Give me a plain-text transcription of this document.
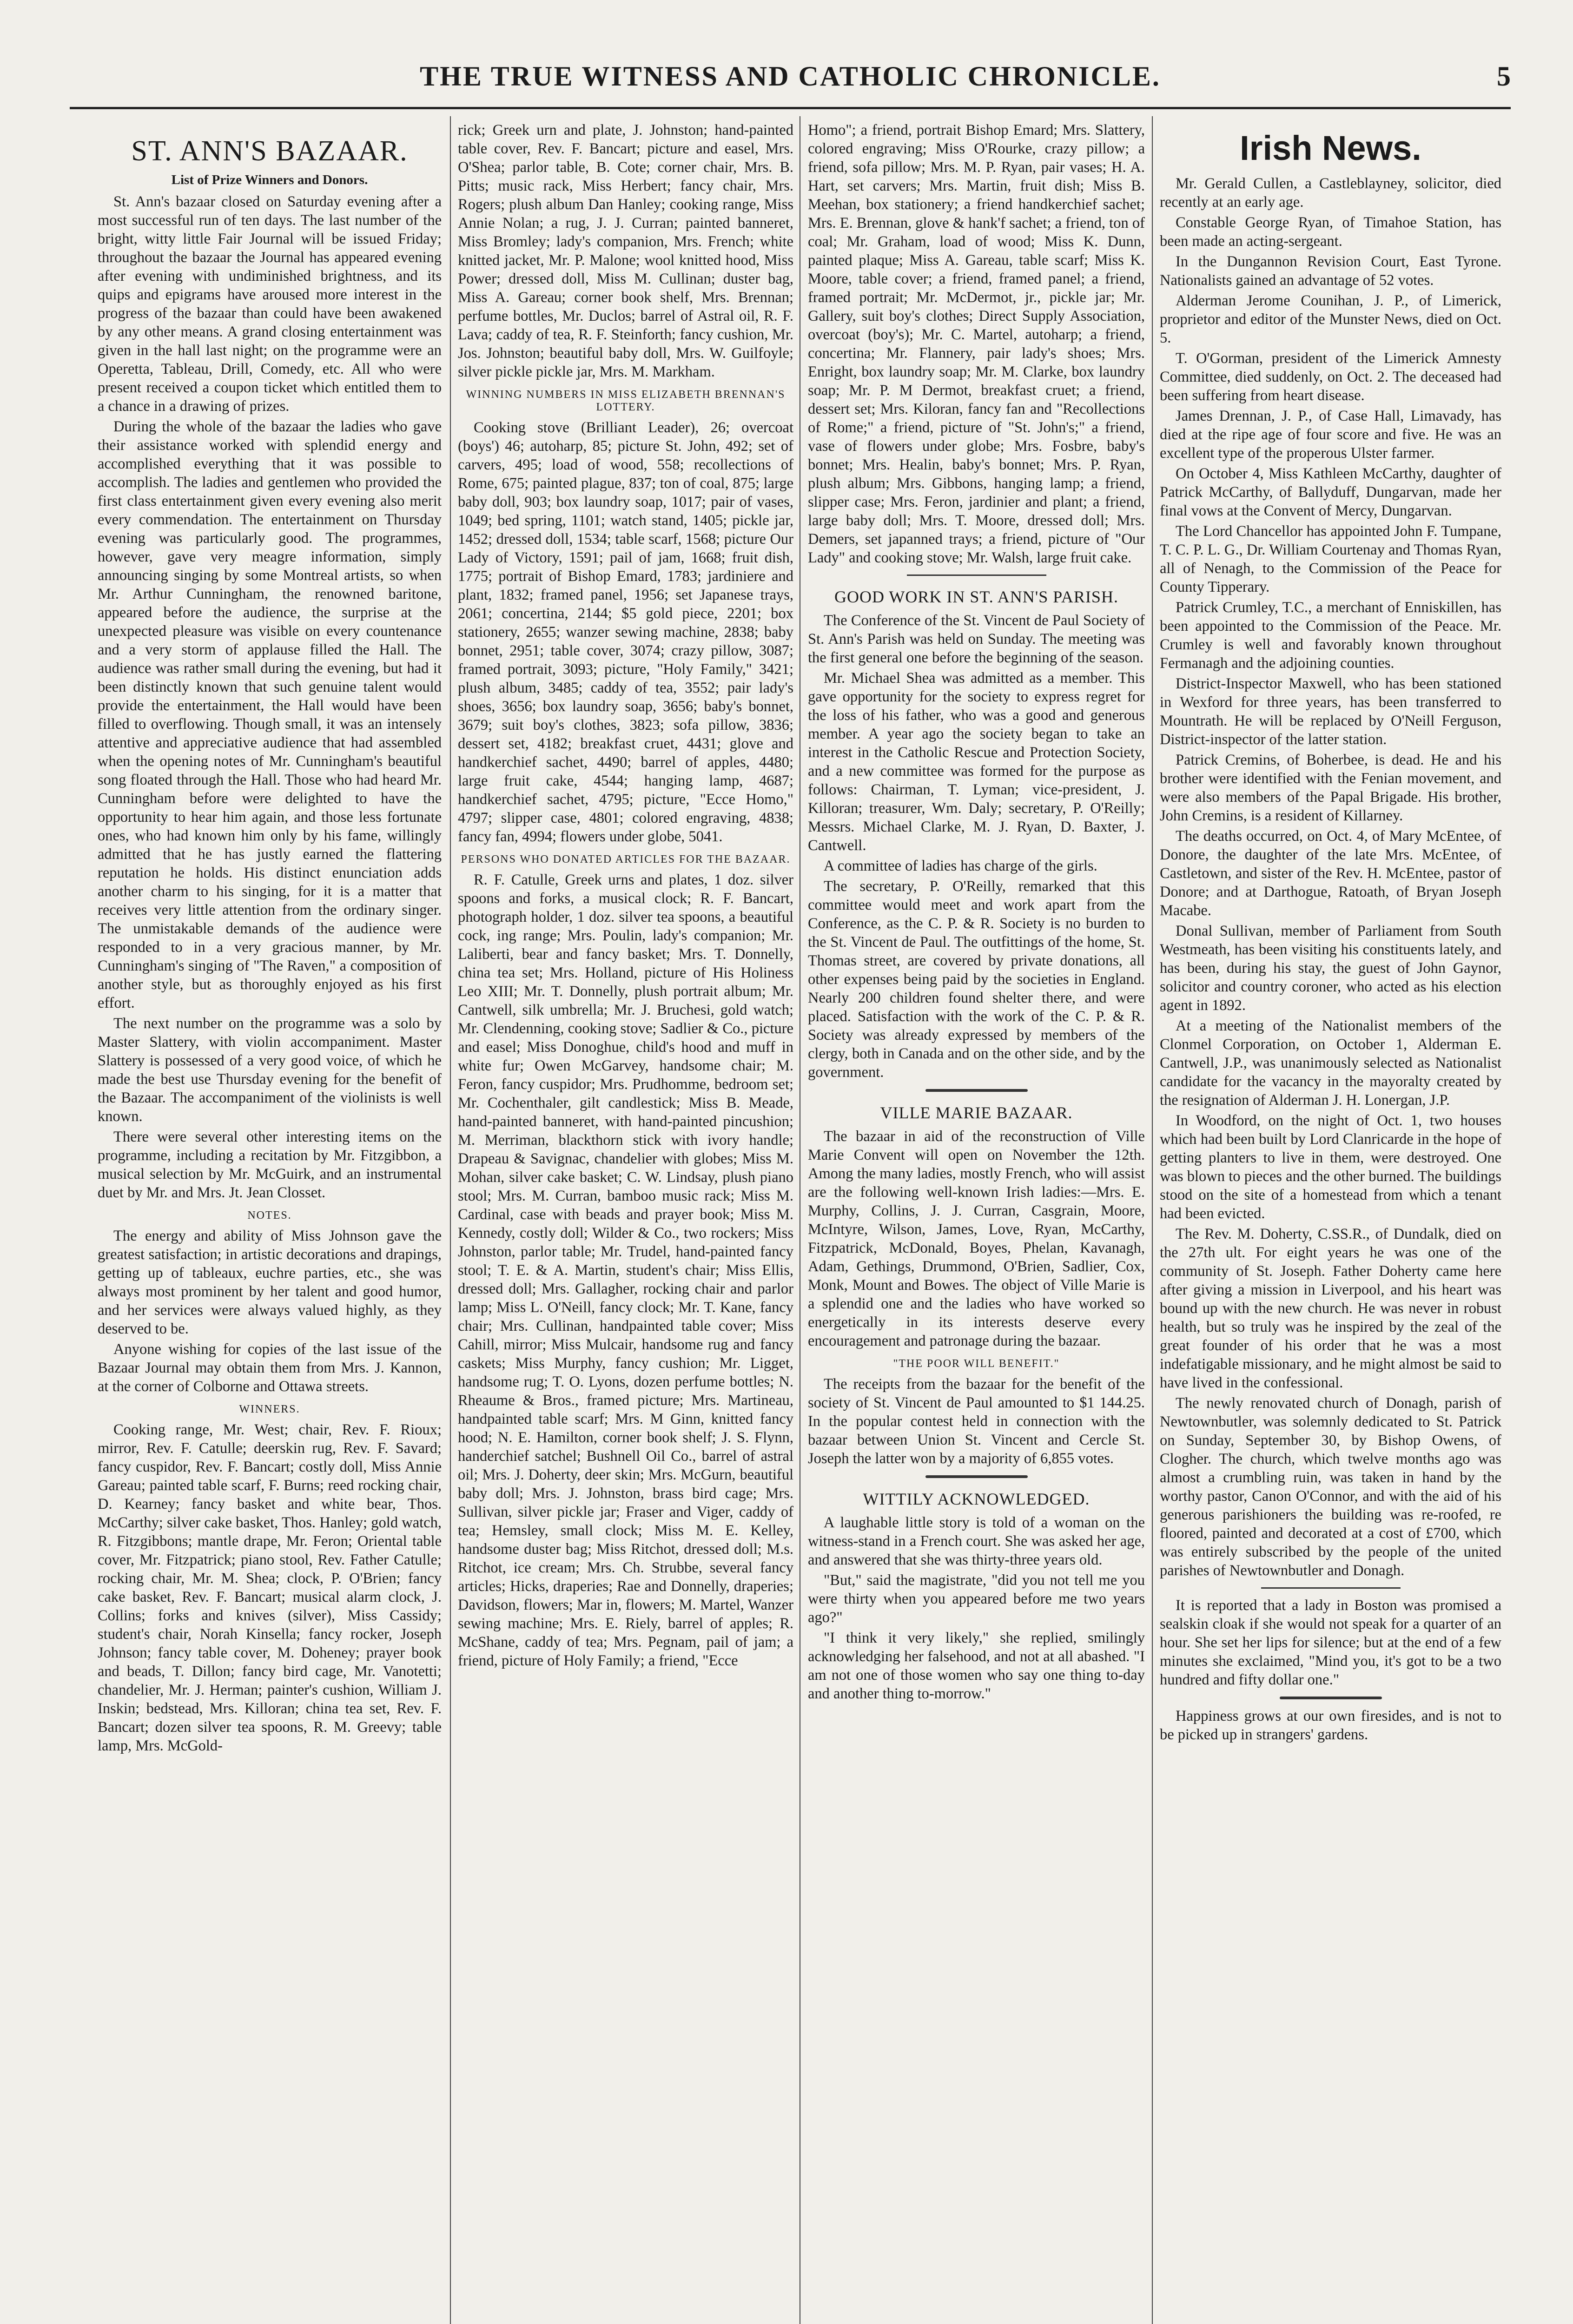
THE TRUE WITNESS AND CATHOLIC CHRONICLE.	5
ST. ANN'S BAZAAR.
List of Prize Winners and Donors.

St. Ann's bazaar closed on Saturday evening after a most successful run of ten days. The last number of the bright, witty little Fair Journal will be issued Friday; throughout the bazaar the Journal has appeared evening after evening with undiminished brightness, and its quips and epigrams have aroused more interest in the progress of the bazaar than could have been awakened by any other means. A grand closing entertainment was given in the hall last night; on the programme were an Operetta, Tableau, Drill, Comedy, etc. All who were present received a coupon ticket which entitled them to a chance in a drawing of prizes.

During the whole of the bazaar the ladies who gave their assistance worked with splendid energy and accomplished everything that it was possible to accomplish. The ladies and gentlemen who provided the first class entertainment given every evening also merit every commendation. The entertainment on Thursday evening was particularly good. The programmes, however, gave very meagre information, simply announcing singing by some Montreal artists, so when Mr. Arthur Cunningham, the renowned baritone, appeared before the audience, the surprise at the unexpected pleasure was visible on every countenance and a very storm of applause filled the Hall. The audience was rather small during the evening, but had it been distinctly known that such genuine talent would provide the entertainment, the Hall would have been filled to overflowing. Though small, it was an intensely attentive and appreciative audience that had assembled when the opening notes of Mr. Cunningham's beautiful song floated through the Hall. Those who had heard Mr. Cunningham before were delighted to have the opportunity to hear him again, and those less fortunate ones, who had known him only by his fame, willingly admitted that he has justly earned the flattering reputation he holds. His distinct enunciation adds another charm to his singing, for it is a matter that receives very little attention from the ordinary singer. The unmistakable demands of the audience were responded to in a very gracious manner, by Mr. Cunningham's singing of "The Raven," a composition of another style, but as thoroughly enjoyed as his first effort.

The next number on the programme was a solo by Master Slattery, with violin accompaniment. Master Slattery is possessed of a very good voice, of which he made the best use Thursday evening for the benefit of the Bazaar. The accompaniment of the violinists is well known.

There were several other interesting items on the programme, including a recitation by Mr. Fitzgibbon, a musical selection by Mr. McGuirk, and an instrumental duet by Mr. and Mrs. Jt. Jean Closset.

NOTES.

The energy and ability of Miss Johnson gave the greatest satisfaction; in artistic decorations and drapings, getting up of tableaux, euchre parties, etc., she was always most prominent by her talent and good humor, and her services were always valued highly, as they deserved to be.

Anyone wishing for copies of the last issue of the Bazaar Journal may obtain them from Mrs. J. Kannon, at the corner of Colborne and Ottawa streets.

WINNERS.

Cooking range, Mr. West; chair, Rev. F. Rioux; mirror, Rev. F. Catulle; deerskin rug, Rev. F. Savard; fancy cuspidor, Rev. F. Bancart; costly doll, Miss Annie Gareau; painted table scarf, F. Burns; reed rocking chair, D. Kearney; fancy basket and white bear, Thos. McCarthy; silver cake basket, Thos. Hanley; gold watch, R. Fitzgibbons; mantle drape, Mr. Feron; Oriental table cover, Mr. Fitzpatrick; piano stool, Rev. Father Catulle; rocking chair, Mr. M. Shea; clock, P. O'Brien; fancy cake basket, Rev. F. Bancart; musical alarm clock, J. Collins; forks and knives (silver), Miss Cassidy; student's chair, Norah Kinsella; fancy rocker, Joseph Johnson; fancy table cover, M. Doheney; prayer book and beads, T. Dillon; fancy bird cage, Mr. Vanotetti; chandelier, Mr. J. Herman; painter's cushion, William J. Inskin; bedstead, Mrs. Killoran; china tea set, Rev. F. Bancart; dozen silver tea spoons, R. M. Greevy; table lamp, Mrs. McGold-

rick; Greek urn and plate, J. Johnston; hand-painted table cover, Rev. F. Bancart; picture and easel, Mrs. O'Shea; parlor table, B. Cote; corner chair, Mrs. B. Pitts; music rack, Miss Herbert; fancy chair, Mrs. Rogers; plush album Dan Hanley; cooking range, Miss Annie Nolan; a rug, J. J. Curran; painted banneret, Miss Bromley; lady's companion, Mrs. French; white knitted jacket, Mr. P. Malone; wool knitted hood, Miss Power; dressed doll, Miss M. Cullinan; duster bag, Miss A. Gareau; corner book shelf, Mrs. Brennan; perfume bottles, Mr. Duclos; barrel of Astral oil, R. F. Lava; caddy of tea, R. F. Steinforth; fancy cushion, Mr. Jos. Johnston; beautiful baby doll, Mrs. W. Guilfoyle; silver pickle pickle jar, Mrs. M. Markham.

WINNING NUMBERS IN MISS ELIZABETH BRENNAN'S LOTTERY.

Cooking stove (Brilliant Leader), 26; overcoat (boys') 46; autoharp, 85; picture St. John, 492; set of carvers, 495; load of wood, 558; recollections of Rome, 675; painted plague, 837; ton of coal, 875; large baby doll, 903; box laundry soap, 1017; pair of vases, 1049; bed spring, 1101; watch stand, 1405; pickle jar, 1452; dressed doll, 1534; table scarf, 1568; picture Our Lady of Victory, 1591; pail of jam, 1668; fruit dish, 1775; portrait of Bishop Emard, 1783; jardiniere and plant, 1832; framed panel, 1956; set Japanese trays, 2061; concertina, 2144; $5 gold piece, 2201; box stationery, 2655; wanzer sewing machine, 2838; baby bonnet, 2951; table cover, 3074; crazy pillow, 3087; framed portrait, 3093; picture, "Holy Family," 3421; plush album, 3485; caddy of tea, 3552; pair lady's shoes, 3656; box laundry soap, 3656; baby's bonnet, 3679; suit boy's clothes, 3823; sofa pillow, 3836; dessert set, 4182; breakfast cruet, 4431; glove and handkerchief sachet, 4490; barrel of apples, 4480; large fruit cake, 4544; hanging lamp, 4687; handkerchief sachet, 4795; picture, "Ecce Homo," 4797; slipper case, 4801; colored engraving, 4838; fancy fan, 4994; flowers under globe, 5041.

PERSONS WHO DONATED ARTICLES FOR THE BAZAAR.

R. F. Catulle, Greek urns and plates, 1 doz. silver spoons and forks, a musical clock; R. F. Bancart, photograph holder, 1 doz. silver tea spoons, a beautiful cock, ing range; Mrs. Poulin, lady's companion; Mr. Laliberti, bear and fancy basket; Mrs. T. Donnelly, china tea set; Mrs. Holland, picture of His Holiness Leo XIII; Mr. T. Donnelly, plush portrait album; Mr. Cantwell, silk umbrella; Mr. J. Bruchesi, gold watch; Mr. Clendenning, cooking stove; Sadlier & Co., picture and easel; Miss Donoghue, child's hood and muff in white fur; Owen McGarvey, handsome chair; M. Feron, fancy cuspidor; Mrs. Prudhomme, bedroom set; Mr. Cochenthaler, gilt candlestick; Miss B. Meade, hand-painted banneret, with hand-painted pincushion; M. Merriman, blackthorn stick with ivory handle; Drapeau & Savignac, chandelier with globes; Miss M. Mohan, silver cake basket; C. W. Lindsay, plush piano stool; Mrs. M. Curran, bamboo music rack; Miss M. Cardinal, case with beads and prayer book; Miss M. Kennedy, costly doll; Wilder & Co., two rockers; Miss Johnston, parlor table; Mr. Trudel, hand-painted fancy stool; T. E. & A. Martin, student's chair; Miss Ellis, dressed doll; Mrs. Gallagher, rocking chair and parlor lamp; Miss L. O'Neill, fancy clock; Mr. T. Kane, fancy chair; Mrs. Cullinan, handpainted table cover; Miss Cahill, mirror; Miss Mulcair, handsome rug and fancy caskets; Miss Murphy, fancy cushion; Mr. Ligget, handsome rug; T. O. Lyons, dozen perfume bottles; N. Rheaume & Bros., framed picture; Mrs. Martineau, handpainted table scarf; Mrs. M Ginn, knitted fancy hood; N. E. Hamilton, corner book shelf; J. S. Flynn, handerchief satchel; Bushnell Oil Co., barrel of astral oil; Mrs. J. Doherty, deer skin; Mrs. McGurn, beautiful baby doll; Mrs. J. Johnston, brass bird cage; Mrs. Sullivan, silver pickle jar; Fraser and Viger, caddy of tea; Hemsley, small clock; Miss M. E. Kelley, handsome duster bag; Miss Ritchot, dressed doll; M.s. Ritchot, ice cream; Mrs. Ch. Strubbe, several fancy articles; Hicks, draperies; Rae and Donnelly, draperies; Davidson, flowers; Mar in, flowers; M. Martel, Wanzer sewing machine; Mrs. E. Riely, barrel of apples; R. McShane, caddy of tea; Mrs. Pegnam, pail of jam; a friend, picture of Holy Family; a friend, "Ecce

Homo"; a friend, portrait Bishop Emard; Mrs. Slattery, colored engraving; Miss O'Rourke, crazy pillow; a friend, sofa pillow; Mrs. M. P. Ryan, pair vases; H. A. Hart, set carvers; Mrs. Martin, fruit dish; Miss B. Meehan, box stationery; a friend handkerchief sachet; Mrs. E. Brennan, glove & hank'f sachet; a friend, ton of coal; Mr. Graham, load of wood; Miss K. Dunn, painted plaque; Miss A. Gareau, table scarf; Miss K. Moore, table cover; a friend, framed panel; a friend, framed portrait; Mr. McDermot, jr., pickle jar; Mr. Gallery, suit boy's clothes; Direct Supply Association, overcoat (boy's); Mr. C. Martel, autoharp; a friend, concertina; Mr. Flannery, pair lady's shoes; Mrs. Enright, box laundry soap; Mr. M. Clarke, box laundry soap; Mr. P. M Dermot, breakfast cruet; a friend, dessert set; Mrs. Kiloran, fancy fan and "Recollections of Rome;" a friend, picture of "St. John's;" a friend, vase of flowers under globe; Mrs. Fosbre, baby's bonnet; Mrs. Healin, baby's bonnet; Mrs. P. Ryan, plush album; Mrs. Gibbons, hanging lamp; a friend, slipper case; Mrs. Feron, jardinier and plant; a friend, large baby doll; Mrs. T. Moore, dressed doll; Mrs. Demers, set japanned trays; a friend, picture of "Our Lady" and cooking stove; Mr. Walsh, large fruit cake.

GOOD WORK IN ST. ANN'S PARISH.

The Conference of the St. Vincent de Paul Society of St. Ann's Parish was held on Sunday. The meeting was the first general one before the beginning of the season.

Mr. Michael Shea was admitted as a member. This gave opportunity for the society to express regret for the loss of his father, who was a good and generous member. A year ago the society began to take an interest in the Catholic Rescue and Protection Society, and a new committee was formed for the purpose as follows: Chairman, T. Lyman; vice-president, J. Killoran; treasurer, Wm. Daly; secretary, P. O'Reilly; Messrs. Michael Clarke, M. J. Ryan, D. Baxter, J. Cantwell.

A committee of ladies has charge of the girls.

The secretary, P. O'Reilly, remarked that this committee would meet and work apart from the Conference, as the C. P. & R. Society is no burden to the St. Vincent de Paul. The outfittings of the home, St. Thomas street, are covered by private donations, all other expenses being paid by the societies in England. Nearly 200 children found shelter there, and were placed. Satisfaction with the work of the C. P. & R. Society was already expressed by members of the clergy, both in Canada and on the other side, and by the government.

VILLE MARIE BAZAAR.

The bazaar in aid of the reconstruction of Ville Marie Convent will open on November the 12th. Among the many ladies, mostly French, who will assist are the following well-known Irish ladies:—Mrs. E. Murphy, Collins, J. J. Curran, Casgrain, Moore, McIntyre, Wilson, James, Love, Ryan, McCarthy, Fitzpatrick, McDonald, Boyes, Phelan, Kavanagh, Adam, Gethings, Drummond, O'Brien, Sadlier, Cox, Monk, Mount and Bowes. The object of Ville Marie is a splendid one and the ladies who have worked so energetically in its interests deserve every encouragement and patronage during the bazaar.

"THE POOR WILL BENEFIT."

The receipts from the bazaar for the benefit of the society of St. Vincent de Paul amounted to $1 144.25. In the popular contest held in connection with the bazaar between Union St. Vincent and Cercle St. Joseph the latter won by a majority of 6,855 votes.

WITTILY ACKNOWLEDGED.

A laughable little story is told of a woman on the witness-stand in a French court. She was asked her age, and answered that she was thirty-three years old.

"But," said the magistrate, "did you not tell me you were thirty when you appeared before me two years ago?"

"I think it very likely," she replied, smilingly acknowledging her falsehood, and not at all abashed. "I am not one of those women who say one thing to-day and another thing to-morrow."

Irish News.

Mr. Gerald Cullen, a Castleblayney, solicitor, died recently at an early age.

Constable George Ryan, of Timahoe Station, has been made an acting-sergeant.

In the Dungannon Revision Court, East Tyrone. Nationalists gained an advantage of 52 votes.

Alderman Jerome Counihan, J. P., of Limerick, proprietor and editor of the Munster News, died on Oct. 5.

T. O'Gorman, president of the Limerick Amnesty Committee, died suddenly, on Oct. 2. The deceased had been suffering from heart disease.

James Drennan, J. P., of Case Hall, Limavady, has died at the ripe age of four score and five. He was an excellent type of the properous Ulster farmer.

On October 4, Miss Kathleen McCarthy, daughter of Patrick McCarthy, of Ballyduff, Dungarvan, made her final vows at the Convent of Mercy, Dungarvan.

The Lord Chancellor has appointed John F. Tumpane, T. C. P. L. G., Dr. William Courtenay and Thomas Ryan, all of Nenagh, to the Commission of the Peace for County Tipperary.

Patrick Crumley, T.C., a merchant of Enniskillen, has been appointed to the Commission of the Peace. Mr. Crumley is well and favorably known throughout Fermanagh and the adjoining counties.

District-Inspector Maxwell, who has been stationed in Wexford for three years, has been transferred to Mountrath. He will be replaced by O'Neill Ferguson, District-inspector of the latter station.

Patrick Cremins, of Boherbee, is dead. He and his brother were identified with the Fenian movement, and were also members of the Papal Brigade. His brother, John Cremins, is a resident of Killarney.

The deaths occurred, on Oct. 4, of Mary McEntee, of Donore, the daughter of the late Mrs. McEntee, of Castletown, and sister of the Rev. H. McEntee, pastor of Donore; and at Darthogue, Ratoath, of Bryan Joseph Macabe.

Donal Sullivan, member of Parliament from South Westmeath, has been visiting his constituents lately, and has been, during his stay, the guest of John Gaynor, solicitor and country coroner, who acted as his election agent in 1892.

At a meeting of the Nationalist members of the Clonmel Corporation, on October 1, Alderman E. Cantwell, J.P., was unanimously selected as Nationalist candidate for the vacancy in the mayoralty created by the resignation of Alderman J. H. Lonergan, J.P.

In Woodford, on the night of Oct. 1, two houses which had been built by Lord Clanricarde in the hope of getting planters to live in them, were destroyed. One was blown to pieces and the other burned. The buildings stood on the site of a homestead from which a tenant had been evicted.

The Rev. M. Doherty, C.SS.R., of Dundalk, died on the 27th ult. For eight years he was one of the community of St. Joseph. Father Doherty came here after giving a mission in Liverpool, and his heart was bound up with the new church. He was never in robust health, but so truly was he inspired by the zeal of the great founder of his order that he was a most indefatigable missionary, and he might almost be said to have lived in the confessional.

The newly renovated church of Donagh, parish of Newtownbutler, was solemnly dedicated to St. Patrick on Sunday, September 30, by Bishop Owens, of Clogher. The church, which twelve months ago was almost a crumbling ruin, was taken in hand by the worthy pastor, Canon O'Connor, and with the aid of his generous parishioners the building was re-roofed, re floored, painted and decorated at a cost of £700, which was entirely subscribed by the people of the united parishes of Newtownbutler and Donagh.

It is reported that a lady in Boston was promised a sealskin cloak if she would not speak for a quarter of an hour. She set her lips for silence; but at the end of a few minutes she exclaimed, "Mind you, it's got to be a two hundred and fifty dollar one."

Happiness grows at our own firesides, and is not to be picked up in strangers' gardens.
